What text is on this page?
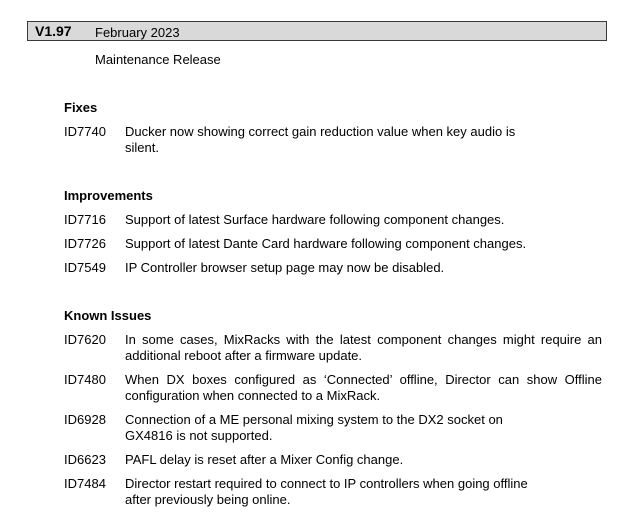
V1.97 February 2023
Maintenance Release
Fixes
ID7740	Ducker now showing correct gain reduction value when key audio is
silent.
Improvements
ID7716	Support of latest Surface hardware following component changes.
ID7726	Support of latest Dante Card hardware following component changes.
ID7549	IP Controller browser setup page may now be disabled.
Known Issues
ID7620	In some cases, MixRacks with the latest component changes might require an additional reboot after a firmware update.
ID7480	When DX boxes configured as ‘Connected’ offline, Director can show Offline configuration when connected to a MixRack.
ID6928	Connection of a ME personal mixing system to the DX2 socket on
GX4816 is not supported.
ID6623	PAFL delay is reset after a Mixer Config change.
ID7484	Director restart required to connect to IP controllers when going offline
after previously being online.
